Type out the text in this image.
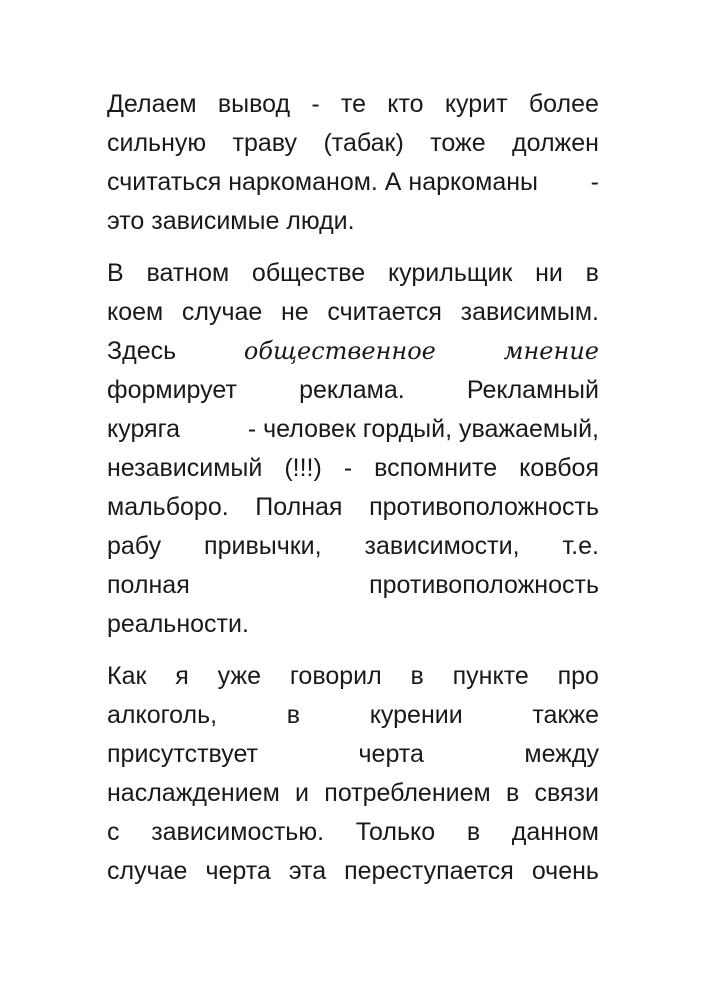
Делаем вывод - те кто курит более
сильную траву (табак) тоже должен
считаться наркоманом. А наркоманы -
это зависимые люди.
В ватном обществе курильщик ни в
коем случае не считается зависимым.
Здесь	общественное	мнение
формирует реклама. Рекламный
куряга	- человек гордый, уважаемый,
независимый (!!!) - вспомните ковбоя
мальборо. Полная противоположность
рабу привычки, зависимости, т.е.
полная	противоположность
реальности.
Как я уже говорил в пункте про
алкоголь,	в	курении	также
присутствует	черта	между
наслаждением и потреблением в связи
с зависимостью. Только в данном
случае черта эта переступается очень
